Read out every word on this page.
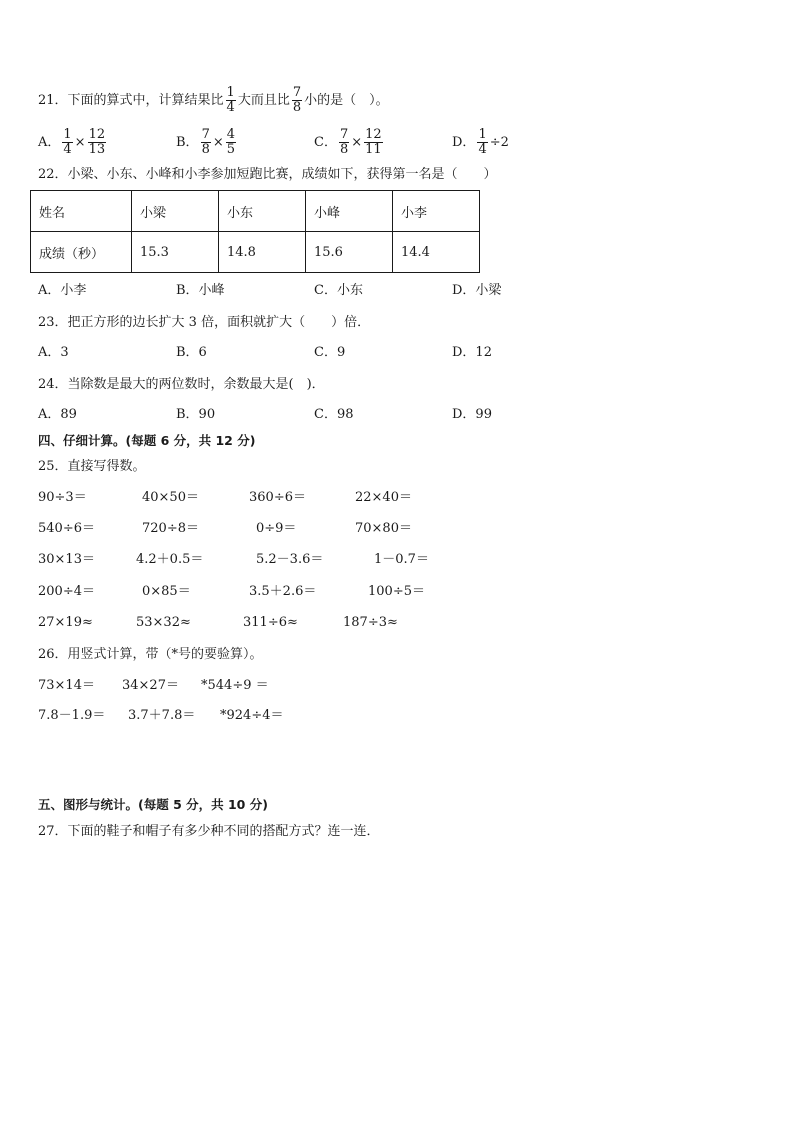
21．下面的算式中，计算结果比 $\frac{1}{4}$ 大而且比 $\frac{7}{8}$ 小的是（　）。
A． $\frac{1}{4} \times \frac{12}{13}$	B． $\frac{7}{8} \times \frac{4}{5}$	C． $\frac{7}{8} \times \frac{12}{11}$	D． $\frac{1}{4} \div 2$
22．小梁、小东、小峰和小李参加短跑比赛，成绩如下，获得第一名是（　　）
姓名	小梁	小东	小峰	小李
成绩（秒）	15.3	14.8	15.6	14.4
A．小李	B．小峰	C．小东	D．小梁
23．把正方形的边长扩大 3 倍，面积就扩大（　　）倍．
A．3	B．6	C．9	D．12
24．当除数是最大的两位数时，余数最大是(　)．
A．89	B．90	C．98	D．99
四、仔细计算。(每题 6 分，共 12 分)
25．直接写得数。
90÷3＝	40×50＝	360÷6＝	22×40＝
540÷6＝	720÷8＝	0÷9＝	70×80＝
30×13＝	4.2＋0.5＝	5.2－3.6＝	1－0.7＝
200÷4＝	0×85＝	3.5＋2.6＝	100÷5＝
27×19≈	53×32≈	311÷6≈	187÷3≈
26．用竖式计算，带（*号的要验算）。
73×14＝ 34×27＝ *544÷9 ＝
7.8－1.9＝ 3.7＋7.8＝ *924÷4＝
五、图形与统计。(每题 5 分，共 10 分)
27．下面的鞋子和帽子有多少种不同的搭配方式？连一连．
